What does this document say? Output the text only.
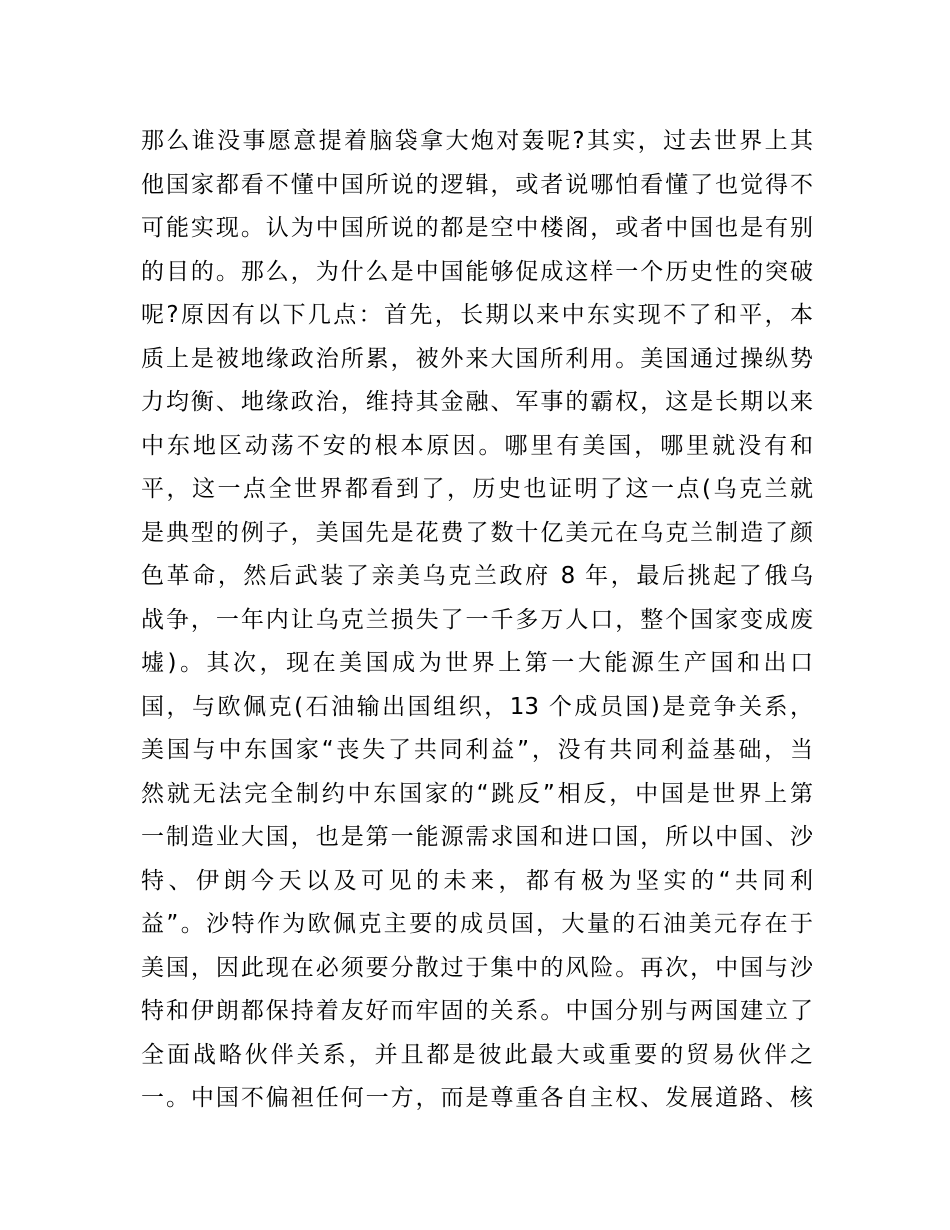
那么谁没事愿意提着脑袋拿大炮对轰呢?其实，过去世界上其
他国家都看不懂中国所说的逻辑，或者说哪怕看懂了也觉得不
可能实现。认为中国所说的都是空中楼阁，或者中国也是有别
的目的。那么，为什么是中国能够促成这样一个历史性的突破
呢?原因有以下几点：首先，长期以来中东实现不了和平，本
质上是被地缘政治所累，被外来大国所利用。美国通过操纵势
力均衡、地缘政治，维持其金融、军事的霸权，这是长期以来
中东地区动荡不安的根本原因。哪里有美国，哪里就没有和
平，这一点全世界都看到了，历史也证明了这一点(乌克兰就
是典型的例子，美国先是花费了数十亿美元在乌克兰制造了颜
色革命，然后武装了亲美乌克兰政府 8 年，最后挑起了俄乌
战争，一年内让乌克兰损失了一千多万人口，整个国家变成废
墟)。其次，现在美国成为世界上第一大能源生产国和出口
国，与欧佩克(石油输出国组织，13 个成员国)是竞争关系，
美国与中东国家“丧失了共同利益”，没有共同利益基础，当
然就无法完全制约中东国家的“跳反”相反，中国是世界上第
一制造业大国，也是第一能源需求国和进口国，所以中国、沙
特、伊朗今天以及可见的未来，都有极为坚实的“共同利
益”。沙特作为欧佩克主要的成员国，大量的石油美元存在于
美国，因此现在必须要分散过于集中的风险。再次，中国与沙
特和伊朗都保持着友好而牢固的关系。中国分别与两国建立了
全面战略伙伴关系，并且都是彼此最大或重要的贸易伙伴之
一。中国不偏袒任何一方，而是尊重各自主权、发展道路、核
